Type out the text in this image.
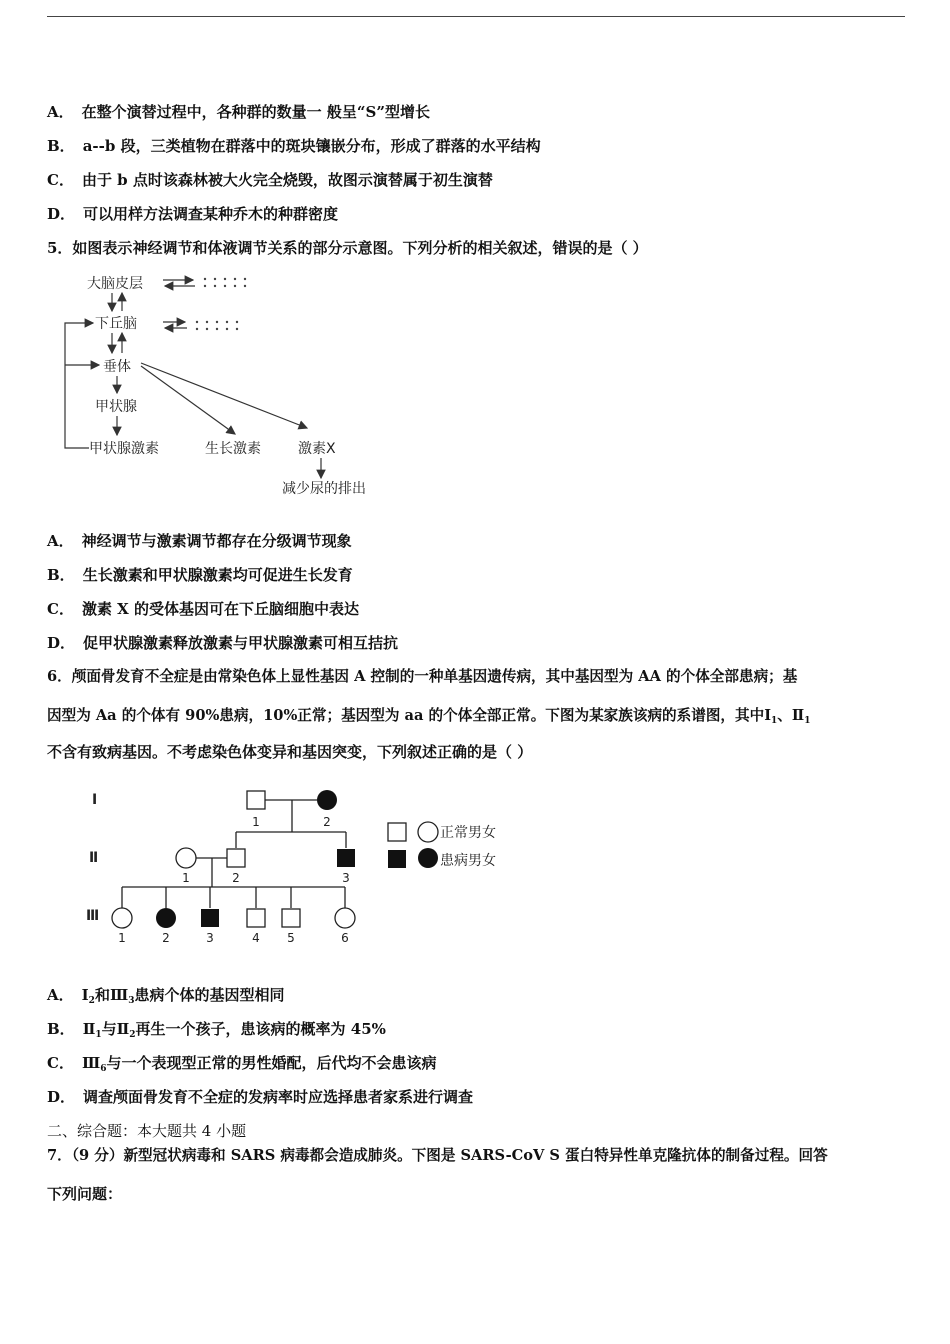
A． 在整个演替过程中，各种群的数量一 般呈“S”型增长
B． a--b 段，三类植物在群落中的斑块镶嵌分布，形成了群落的水平结构
C． 由于 b 点时该森林被大火完全烧毁，故图示演替属于初生演替
D． 可以用样方法调查某种乔木的种群密度
5．如图表示神经调节和体液调节关系的部分示意图。下列分析的相关叙述，错误的是（ ）
大脑皮层
下丘脑
垂体
甲状腺
甲状腺激素	生长激素	激素X
减少尿的排出
A． 神经调节与激素调节都存在分级调节现象
B． 生长激素和甲状腺激素均可促进生长发育
C． 激素 X 的受体基因可在下丘脑细胞中表达
D． 促甲状腺激素释放激素与甲状腺激素可相互拮抗
6．颅面骨发育不全症是由常染色体上显性基因 A 控制的一种单基因遗传病，其中基因型为 AA 的个体全部患病；基
因型为 Aa 的个体有 90%患病，10%正常；基因型为 aa 的个体全部正常。下图为某家族该病的系谱图，其中$Ⅰ_1$、$Ⅱ_1$
不含有致病基因。不考虑染色体变异和基因突变，下列叙述正确的是（ ）
Ⅰ
Ⅱ
Ⅲ
1	2
1	2	3
1	2	3	4 5	6
正常男女
患病男女
A． $Ⅰ_2$和$Ⅲ_3$患病个体的基因型相同
B． $Ⅱ_1$与$Ⅱ_2$再生一个孩子，患该病的概率为 45%
C． $Ⅲ_6$与一个表现型正常的男性婚配，后代均不会患该病
D． 调查颅面骨发育不全症的发病率时应选择患者家系进行调查
二、综合题：本大题共 4 小题
7．（9 分）新型冠状病毒和 SARS 病毒都会造成肺炎。下图是 SARS-CoV S 蛋白特异性单克隆抗体的制备过程。回答
下列问题：
